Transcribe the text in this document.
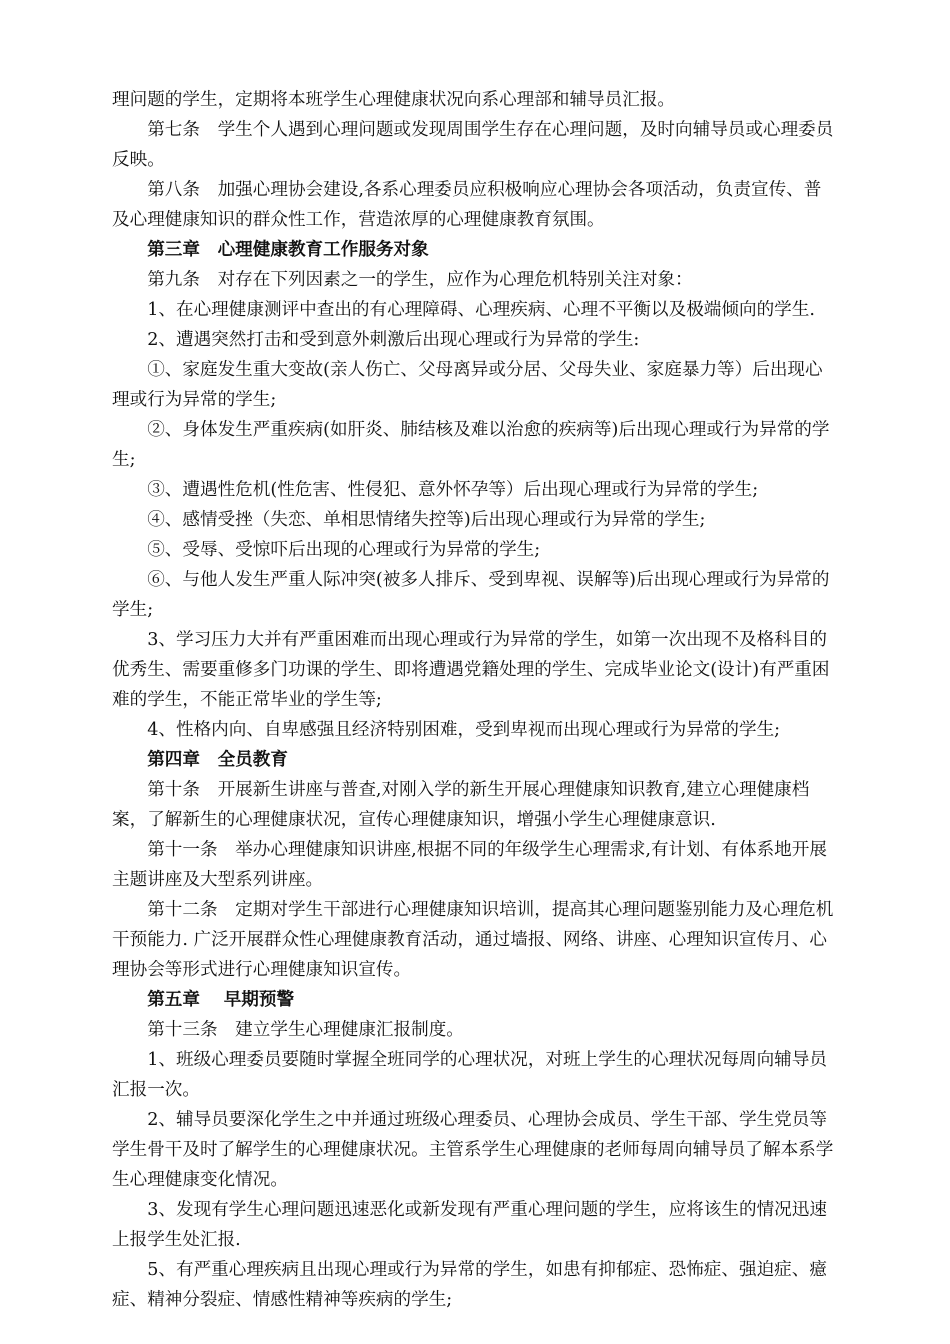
理问题的学生，定期将本班学生心理健康状况向系心理部和辅导员汇报。

第七条　学生个人遇到心理问题或发现周围学生存在心理问题，及时向辅导员或心理委员反映。

第八条　加强心理协会建设,各系心理委员应积极响应心理协会各项活动，负责宣传、普及心理健康知识的群众性工作，营造浓厚的心理健康教育氛围。

第三章　心理健康教育工作服务对象

第九条　对存在下列因素之一的学生，应作为心理危机特别关注对象：

1、在心理健康测评中查出的有心理障碍、心理疾病、心理不平衡以及极端倾向的学生.

2、遭遇突然打击和受到意外刺激后出现心理或行为异常的学生:

①、家庭发生重大变故(亲人伤亡、父母离异或分居、父母失业、家庭暴力等）后出现心理或行为异常的学生;

②、身体发生严重疾病(如肝炎、肺结核及难以治愈的疾病等)后出现心理或行为异常的学生;

③、遭遇性危机(性危害、性侵犯、意外怀孕等）后出现心理或行为异常的学生;

④、感情受挫（失恋、单相思情绪失控等)后出现心理或行为异常的学生;

⑤、受辱、受惊吓后出现的心理或行为异常的学生;

⑥、与他人发生严重人际冲突(被多人排斥、受到卑视、误解等)后出现心理或行为异常的学生;

3、学习压力大并有严重困难而出现心理或行为异常的学生，如第一次出现不及格科目的优秀生、需要重修多门功课的学生、即将遭遇党籍处理的学生、完成毕业论文(设计)有严重困难的学生，不能正常毕业的学生等;

4、性格内向、自卑感强且经济特别困难，受到卑视而出现心理或行为异常的学生;

第四章　全员教育

第十条　开展新生讲座与普查,对刚入学的新生开展心理健康知识教育,建立心理健康档案，了解新生的心理健康状况，宣传心理健康知识，增强小学生心理健康意识.

第十一条　举办心理健康知识讲座,根据不同的年级学生心理需求,有计划、有体系地开展主题讲座及大型系列讲座。

第十二条　定期对学生干部进行心理健康知识培训，提高其心理问题鉴别能力及心理危机干预能力. 广泛开展群众性心理健康教育活动，通过墙报、网络、讲座、心理知识宣传月、心理协会等形式进行心理健康知识宣传。

第五章　 早期预警

第十三条　建立学生心理健康汇报制度。

1、班级心理委员要随时掌握全班同学的心理状况，对班上学生的心理状况每周向辅导员汇报一次。

2、辅导员要深化学生之中并通过班级心理委员、心理协会成员、学生干部、学生党员等学生骨干及时了解学生的心理健康状况。主管系学生心理健康的老师每周向辅导员了解本系学生心理健康变化情况。

3、发现有学生心理问题迅速恶化或新发现有严重心理问题的学生，应将该生的情况迅速上报学生处汇报.

5、有严重心理疾病且出现心理或行为异常的学生，如患有抑郁症、恐怖症、强迫症、癔症、精神分裂症、情感性精神等疾病的学生;
